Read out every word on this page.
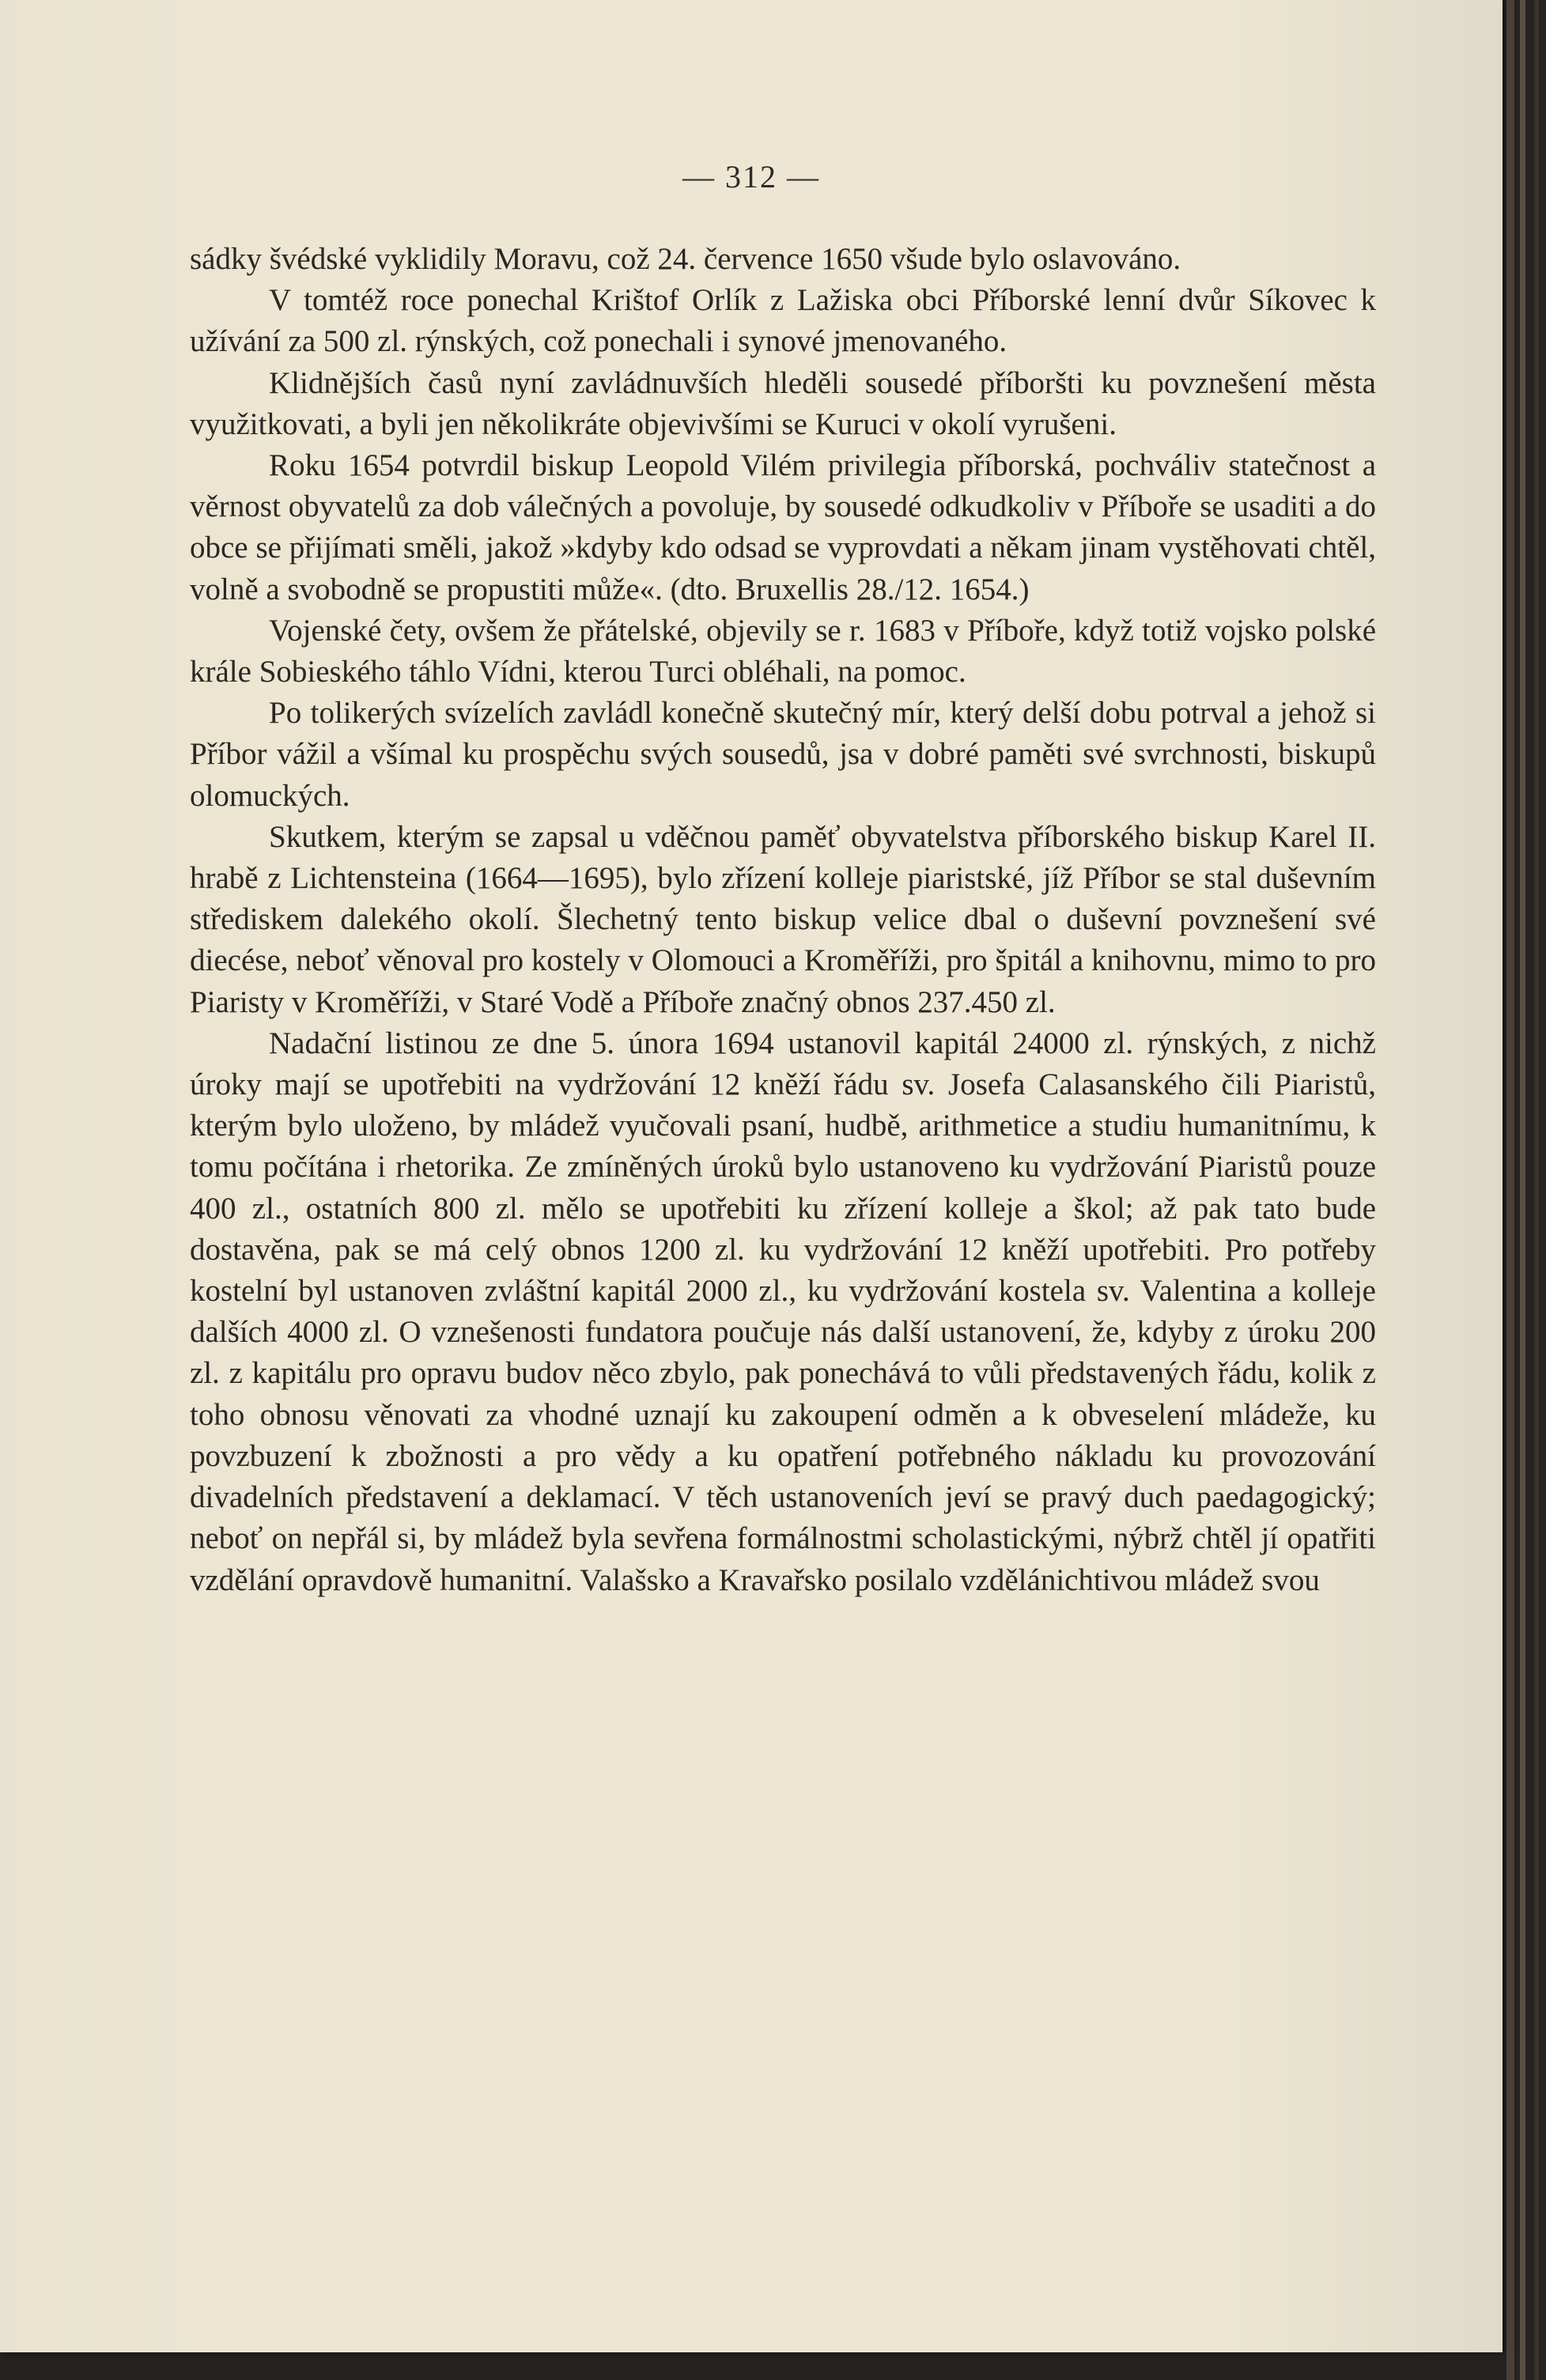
— 312 —

sádky švédské vyklidily Moravu, což 24. července 1650 všude bylo oslavováno.

V tomtéž roce ponechal Krištof Orlík z Lažiska obci Příborské lenní dvůr Síkovec k užívání za 500 zl. rýnských, což ponechali i synové jmenovaného.

Klidnějších časů nyní zavládnuvších hleděli sousedé příboršti ku povznešení města využitkovati, a byli jen několikráte objevivšími se Kuruci v okolí vyrušeni.

Roku 1654 potvrdil biskup Leopold Vilém privilegia příborská, pochváliv statečnost a věrnost obyvatelů za dob válečných a povoluje, by sousedé odkudkoliv v Příboře se usaditi a do obce se přijímati směli, jakož »kdyby kdo odsad se vyprovdati a někam jinam vystěhovati chtěl, volně a svobodně se propustiti může«. (dto. Bruxellis 28./12. 1654.)

Vojenské čety, ovšem že přátelské, objevily se r. 1683 v Příboře, když totiž vojsko polské krále Sobieského táhlo Vídni, kterou Turci obléhali, na pomoc.

Po tolikerých svízelích zavládl konečně skutečný mír, který delší dobu potrval a jehož si Příbor vážil a všímal ku prospěchu svých sousedů, jsa v dobré paměti své svrchnosti, biskupů olomuckých.

Skutkem, kterým se zapsal u vděčnou paměť obyvatelstva příborského biskup Karel II. hrabě z Lichtensteina (1664—1695), bylo zřízení kolleje piaristské, jíž Příbor se stal duševním střediskem dalekého okolí. Šlechetný tento biskup velice dbal o duševní povznešení své diecése, neboť věnoval pro kostely v Olomouci a Kroměříži, pro špitál a knihovnu, mimo to pro Piaristy v Kroměříži, v Staré Vodě a Příboře značný obnos 237.450 zl.

Nadační listinou ze dne 5. února 1694 ustanovil kapitál 24000 zl. rýnských, z nichž úroky mají se upotřebiti na vydržování 12 kněží řádu sv. Josefa Calasanského čili Piaristů, kterým bylo uloženo, by mládež vyučovali psaní, hudbě, arithmetice a studiu humanitnímu, k tomu počítána i rhetorika. Ze zmíněných úroků bylo ustanoveno ku vydržování Piaristů pouze 400 zl., ostatních 800 zl. mělo se upotřebiti ku zřízení kolleje a škol; až pak tato bude dostavěna, pak se má celý obnos 1200 zl. ku vydržování 12 kněží upotřebiti. Pro potřeby kostelní byl ustanoven zvláštní kapitál 2000 zl., ku vydržování kostela sv. Valentina a kolleje dalších 4000 zl. O vznešenosti fundatora poučuje nás další ustanovení, že, kdyby z úroku 200 zl. z kapitálu pro opravu budov něco zbylo, pak ponechává to vůli představených řádu, kolik z toho obnosu věnovati za vhodné uznají ku zakoupení odměn a k obveselení mládeže, ku povzbuzení k zbožnosti a pro vědy a ku opatření potřebného nákladu ku provozování divadelních představení a deklamací. V těch ustanoveních jeví se pravý duch paedagogický; neboť on nepřál si, by mládež byla sevřena formálnostmi scholastickými, nýbrž chtěl jí opatřiti vzdělání opravdově humanitní. Valašsko a Kravařsko posilalo vzdělánichtivou mládež svou
